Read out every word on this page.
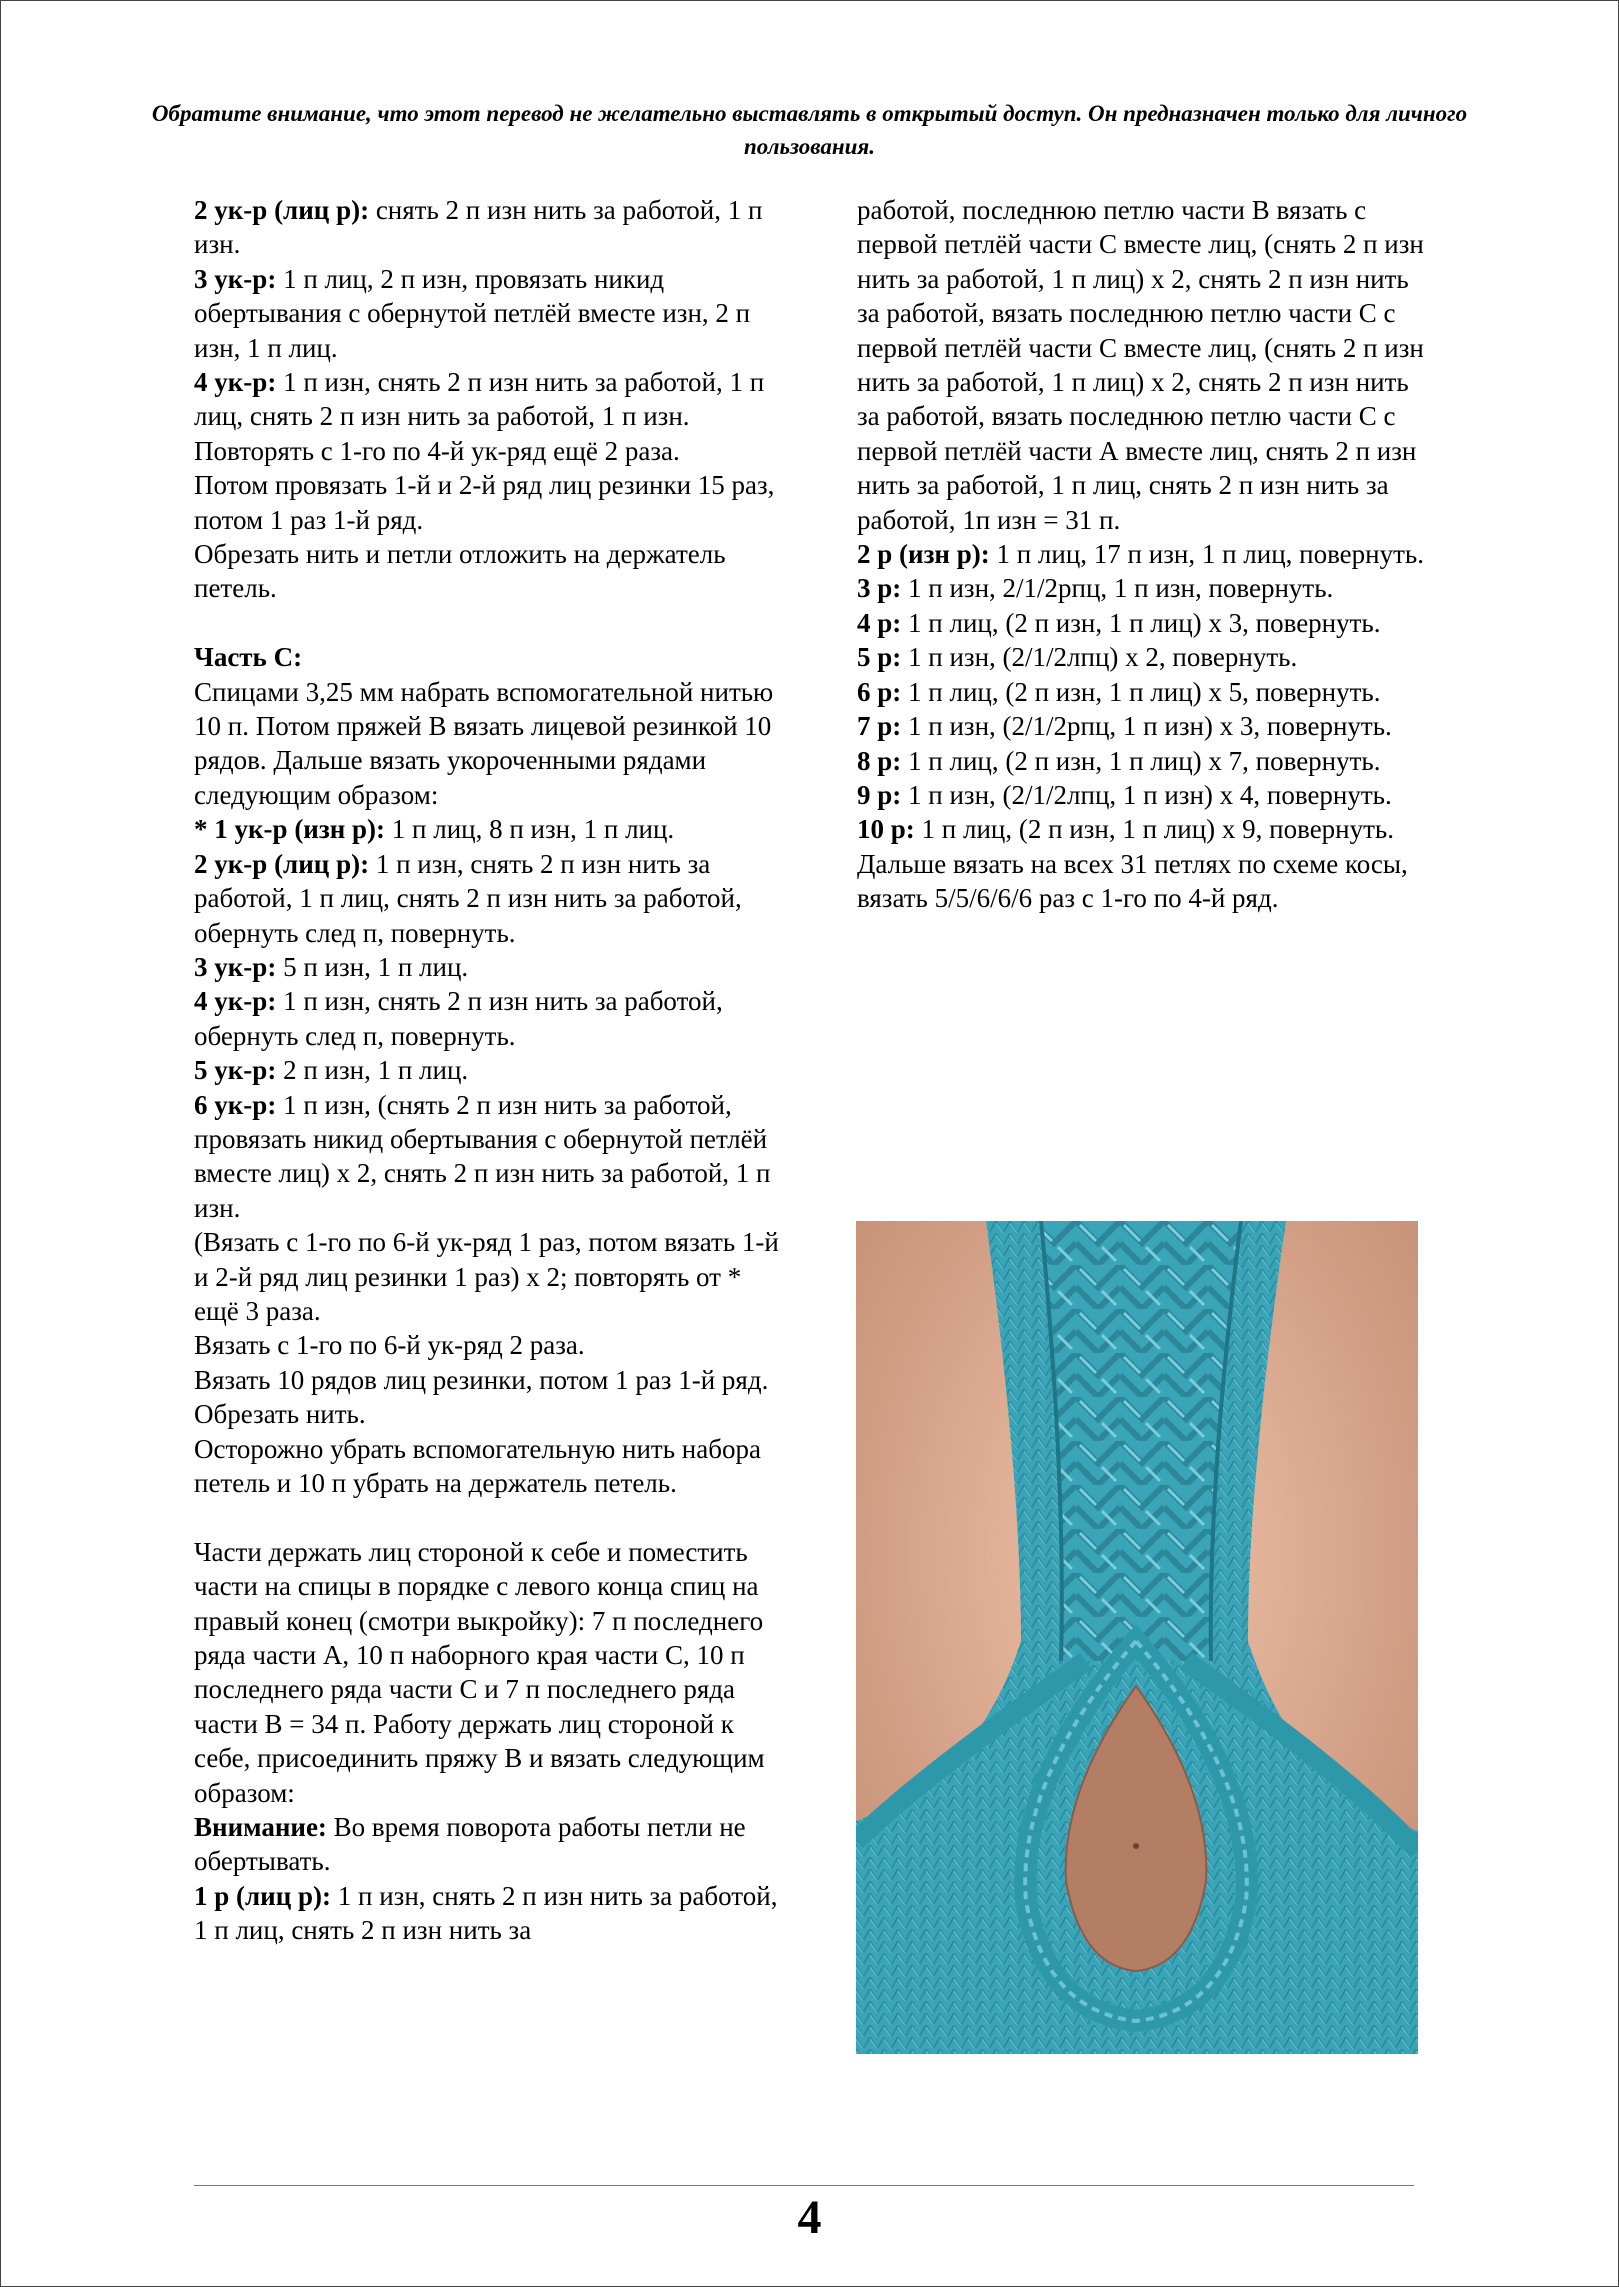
Обратите внимание, что этот перевод не желательно выставлять в открытый доступ. Он предназначен только для личного пользования.

2 ук-р (лиц р): снять 2 п изн нить за работой, 1 п изн.

3 ук-р: 1 п лиц, 2 п изн, провязать никид обертывания с обернутой петлёй вместе изн, 2 п изн, 1 п лиц.

4 ук-р: 1 п изн, снять 2 п изн нить за работой, 1 п лиц, снять 2 п изн нить за работой, 1 п изн.

Повторять с 1-го по 4-й ук-ряд ещё 2 раза.

Потом провязать 1-й и 2-й ряд лиц резинки 15 раз, потом 1 раз 1-й ряд.

Обрезать нить и петли отложить на держатель петель.

Часть С:

Спицами 3,25 мм набрать вспомогательной нитью 10 п. Потом пряжей В вязать лицевой резинкой 10 рядов. Дальше вязать укороченными рядами следующим образом:

* 1 ук-р (изн р): 1 п лиц, 8 п изн, 1 п лиц.

2 ук-р (лиц р): 1 п изн, снять 2 п изн нить за работой, 1 п лиц, снять 2 п изн нить за работой, обернуть след п, повернуть.

3 ук-р: 5 п изн, 1 п лиц.

4 ук-р: 1 п изн, снять 2 п изн нить за работой, обернуть след п, повернуть.

5 ук-р: 2 п изн, 1 п лиц.

6 ук-р: 1 п изн, (снять 2 п изн нить за работой, провязать никид обертывания с обернутой петлёй вместе лиц) х 2, снять 2 п изн нить за работой, 1 п изн.

(Вязать с 1-го по 6-й ук-ряд 1 раз, потом вязать 1-й и 2-й ряд лиц резинки 1 раз) х 2; повторять от * ещё 3 раза.

Вязать с 1-го по 6-й ук-ряд 2 раза.

Вязать 10 рядов лиц резинки, потом 1 раз 1-й ряд.

Обрезать нить.

Осторожно убрать вспомогательную нить набора петель и 10 п убрать на держатель петель.

Части держать лиц стороной к себе и поместить части на спицы в порядке с левого конца спиц на правый конец (смотри выкройку): 7 п последнего ряда части А, 10 п наборного края части С, 10 п последнего ряда части С и 7 п последнего ряда части В = 34 п. Работу держать лиц стороной к себе, присоединить пряжу В и вязать следующим образом:

Внимание: Во время поворота работы петли не обертывать.

1 р (лиц р): 1 п изн, снять 2 п изн нить за работой, 1 п лиц, снять 2 п изн нить за

работой, последнюю петлю части В вязать с первой петлёй части С вместе лиц, (снять 2 п изн нить за работой, 1 п лиц) х 2, снять 2 п изн нить за работой, вязать последнюю петлю части С с первой петлёй части С вместе лиц, (снять 2 п изн нить за работой, 1 п лиц) х 2, снять 2 п изн нить за работой, вязать последнюю петлю части С с первой петлёй части А вместе лиц, снять 2 п изн нить за работой, 1 п лиц, снять 2 п изн нить за работой, 1п изн = 31 п.

2 р (изн р): 1 п лиц, 17 п изн, 1 п лиц, повернуть.

3 р: 1 п изн, 2/1/2рпц, 1 п изн, повернуть.

4 р: 1 п лиц, (2 п изн, 1 п лиц) х 3, повернуть.

5 р: 1 п изн, (2/1/2лпц) х 2, повернуть.

6 р: 1 п лиц, (2 п изн, 1 п лиц) х 5, повернуть.

7 р: 1 п изн, (2/1/2рпц, 1 п изн) х 3, повернуть.

8 р: 1 п лиц, (2 п изн, 1 п лиц) х 7, повернуть.

9 р: 1 п изн, (2/1/2лпц, 1 п изн) х 4, повернуть.

10 р: 1 п лиц, (2 п изн, 1 п лиц) х 9, повернуть.

Дальше вязать на всех 31 петлях по схеме косы, вязать 5/5/6/6/6 раз с 1-го по 4-й ряд.

4
